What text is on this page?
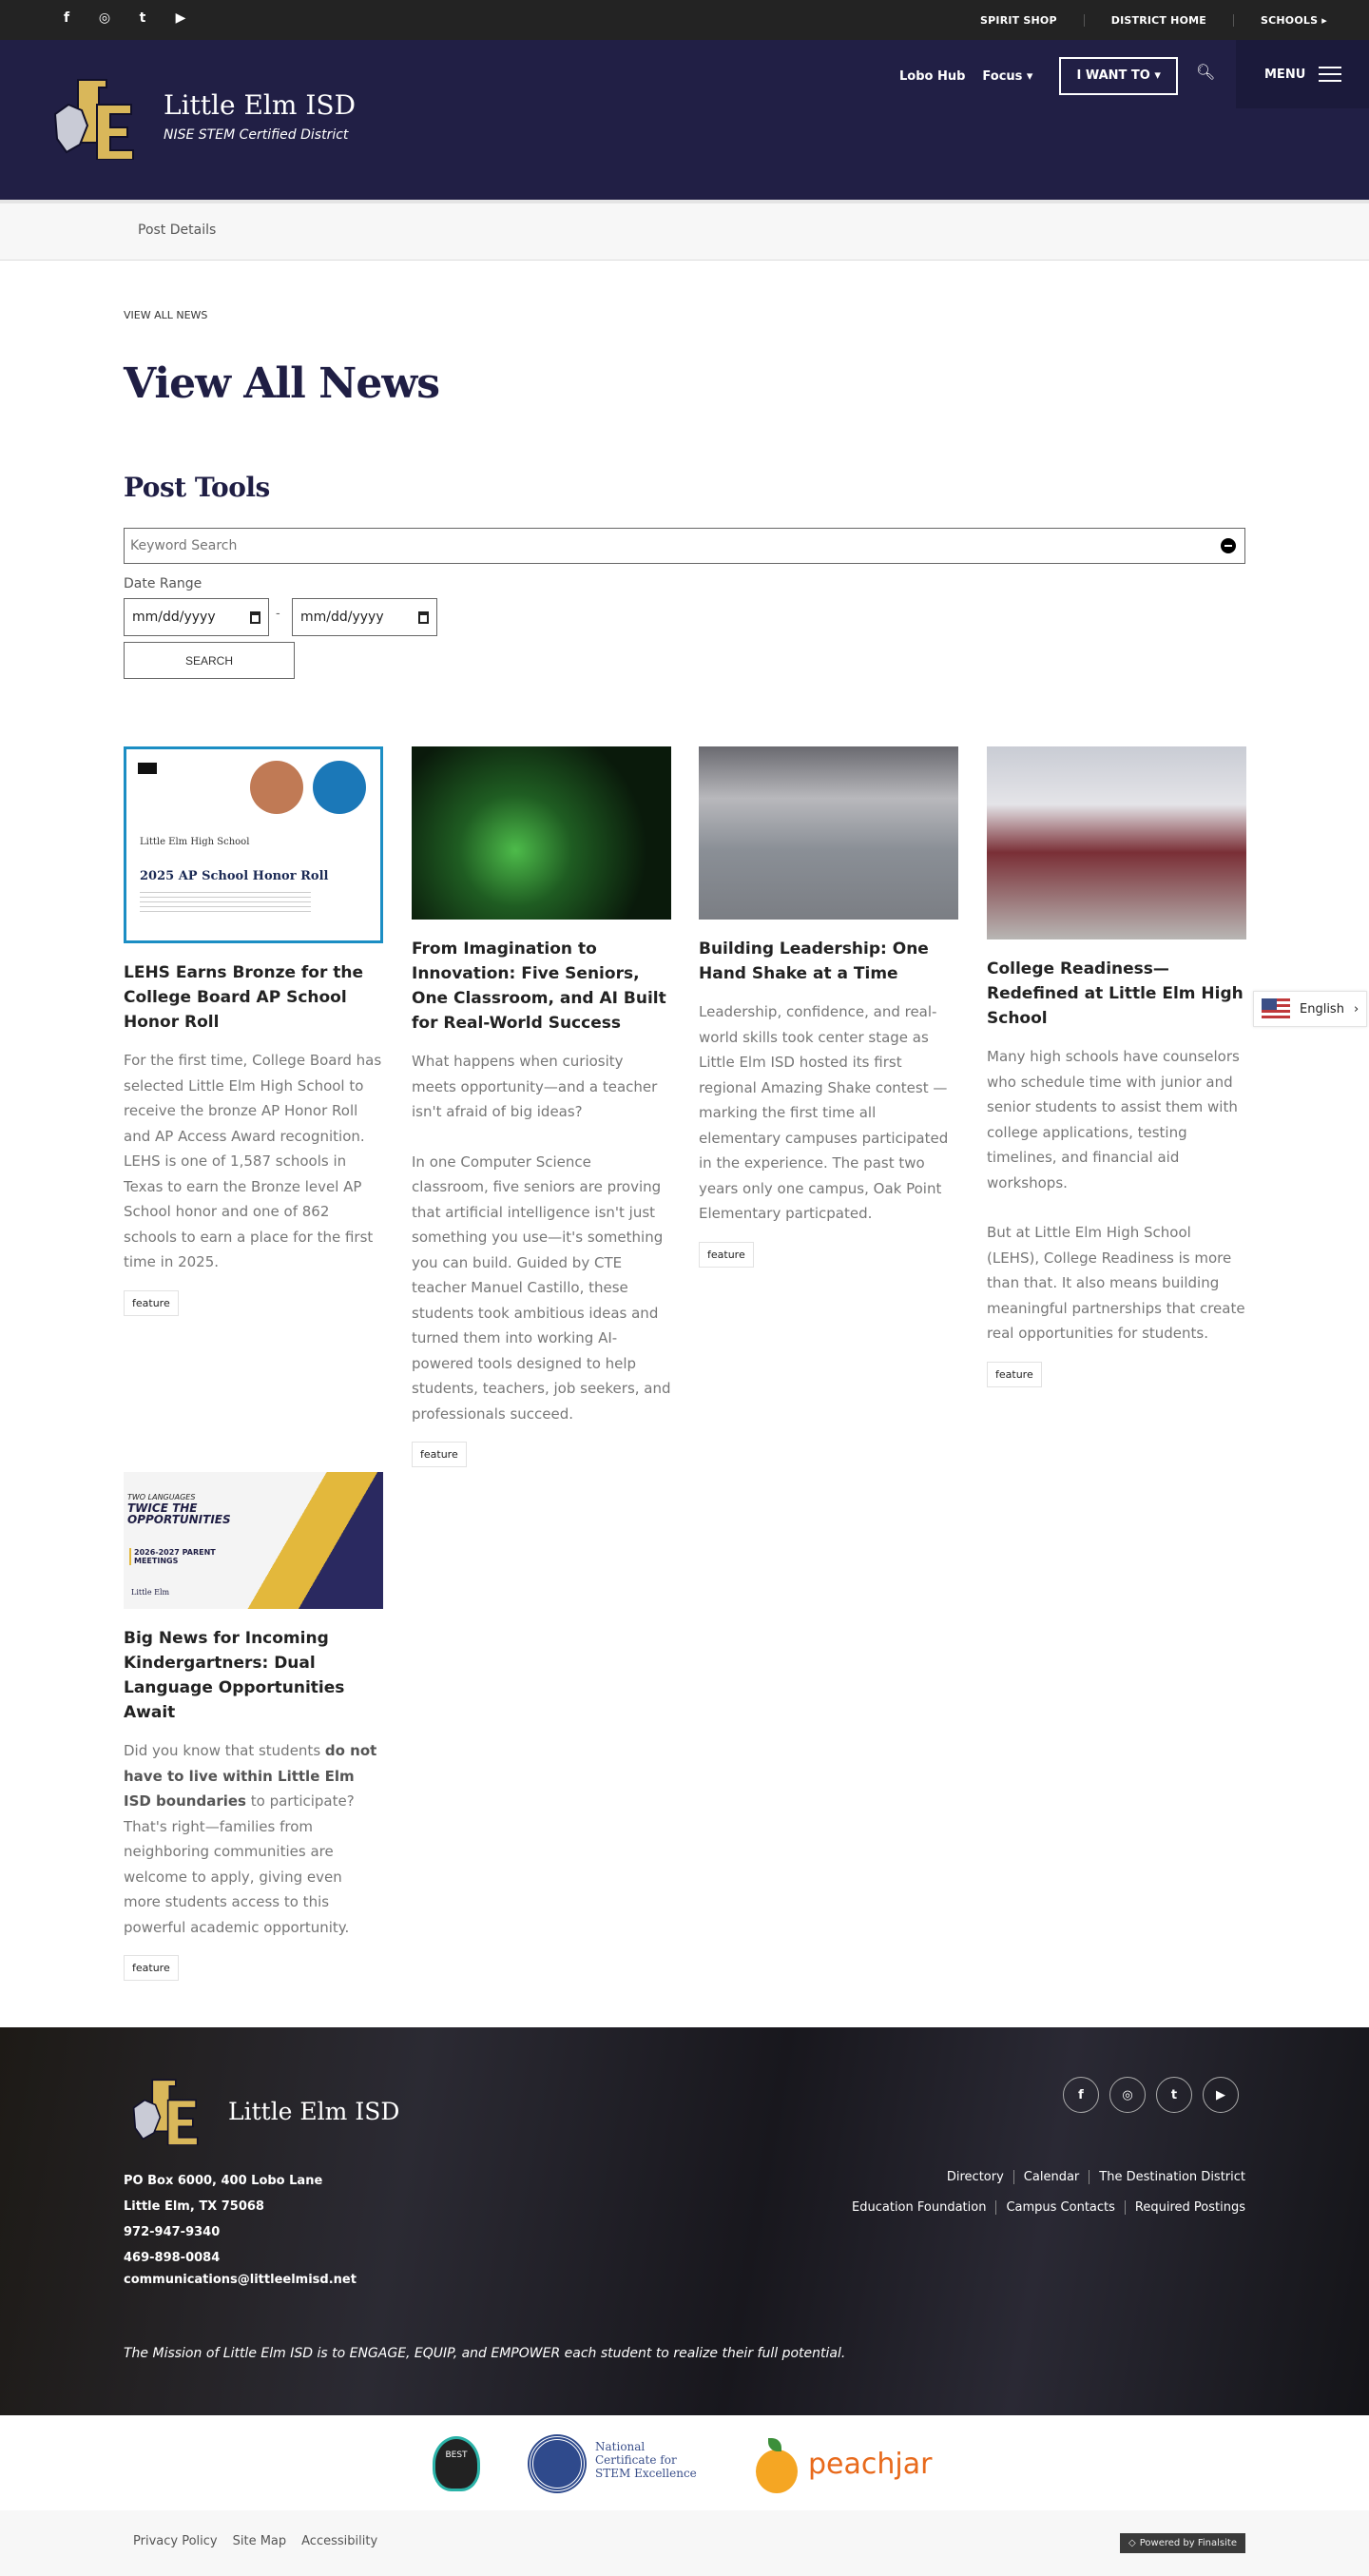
f	◎	t	▶	SPIRIT SHOP	DISTRICT HOME	SCHOOLS ▸
Little Elm ISD
NISE STEM Certified District
Lobo Hub Focus ▾	I WANT TO ▾	🔍︎	MENU
Post Details
VIEW ALL NEWS
View All News
Post Tools
Keyword Search
Date Range
mm/dd/yyyy	- mm/dd/yyyy
SEARCH
Little Elm High School
2025 AP School Honor Roll
LEHS Earns Bronze for the College Board AP School Honor Roll

For the first time, College Board has selected Little Elm High School to receive the bronze AP Honor Roll and AP Access Award recognition. LEHS is one of 1,587 schools in Texas to earn the Bronze level AP School honor and one of 862 schools to earn a place for the first time in 2025.

feature
From Imagination to Innovation: Five Seniors, One Classroom, and AI Built for Real-World Success

What happens when curiosity meets opportunity—and a teacher isn't afraid of big ideas?

In one Computer Science classroom, five seniors are proving that artificial intelligence isn't just something you use—it's something you can build. Guided by CTE teacher Manuel Castillo, these students took ambitious ideas and turned them into working AI-powered tools designed to help students, teachers, job seekers, and professionals succeed.

feature
Building Leadership: One Hand Shake at a Time

Leadership, confidence, and real-world skills took center stage as Little Elm ISD hosted its first regional Amazing Shake contest — marking the first time all elementary campuses participated in the experience. The past two years only one campus, Oak Point Elementary particpated.

feature
College Readiness—Redefined at Little Elm High School

Many high schools have counselors who schedule time with junior and senior students to assist them with college applications, testing timelines, and financial aid workshops.

But at Little Elm High School (LEHS), College Readiness is more than that. It also means building meaningful partnerships that create real opportunities for students.

feature
TWO LANGUAGES
TWICE THE OPPORTUNITIES
2026-2027 PARENT MEETINGS
Little Elm
Big News for Incoming Kindergartners: Dual Language Opportunities Await

Did you know that students do not have to live within Little Elm ISD boundaries to participate? That's right—families from neighboring communities are welcome to apply, giving even more students access to this powerful academic opportunity.

feature
English ›
Little Elm ISD
PO Box 6000, 400 Lobo Lane
Little Elm, TX 75068
972-947-9340
469-898-0084
communications@littleelmisd.net
f	◎	t	▶
Directory	Calendar	The Destination District
Education Foundation	Campus Contacts	Required Postings
The Mission of Little Elm ISD is to ENGAGE, EQUIP, and EMPOWER each student to realize their full potential.
BEST
National Certificate for STEM Excellence	peachjar
Privacy Policy Site Map Accessibility	◇ Powered by Finalsite
